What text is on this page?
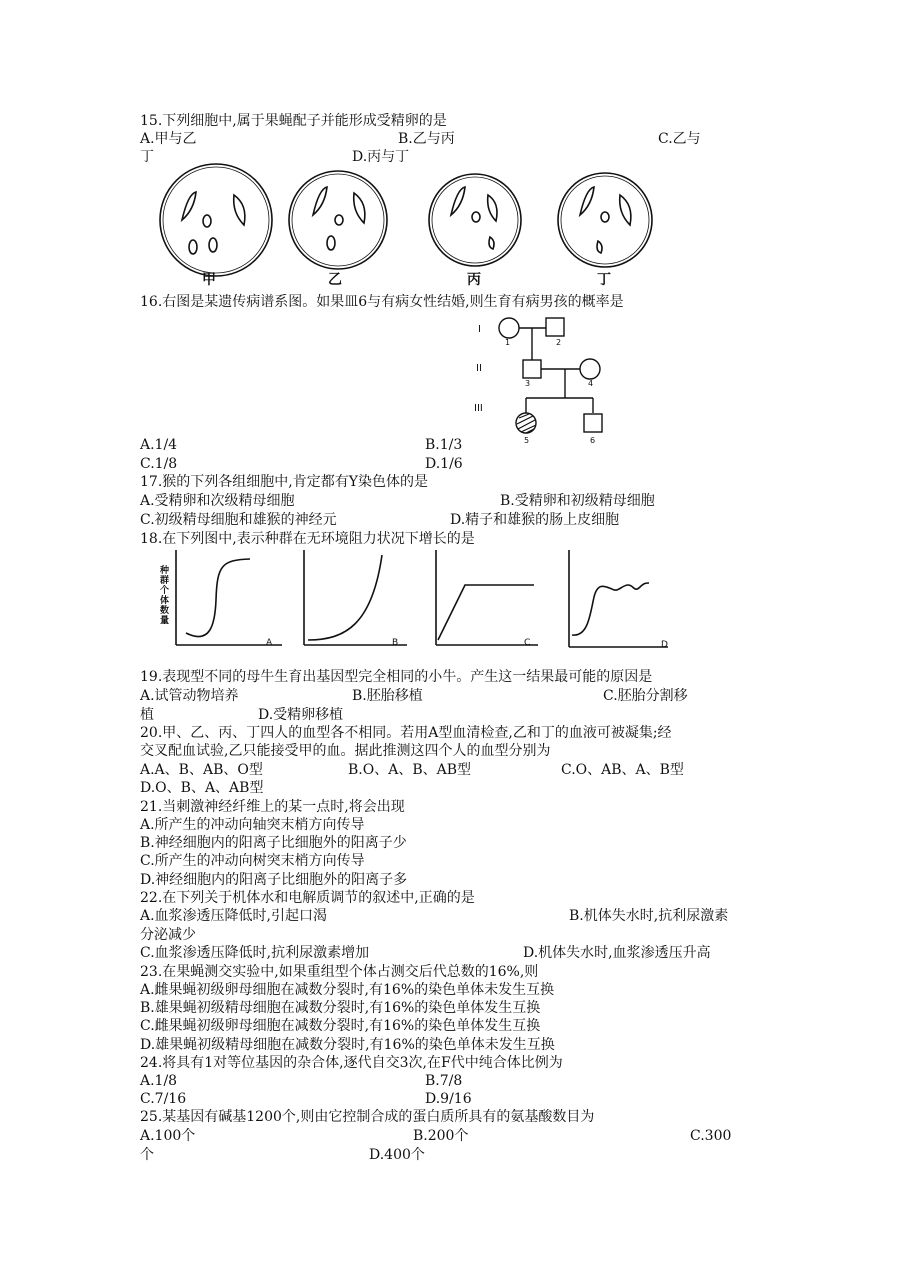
15.下列细胞中,属于果蝇配子并能形成受精卵的是
A.甲与乙	B.乙与丙	C.乙与
丁	D.丙与丁
甲	乙	丙	丁
16.右图是某遗传病谱系图。如果皿6与有病女性结婚,则生育有病男孩的概率是
I
II
III
1	2
3	4
5	6
A.1/4	B.1/3
C.1/8	D.1/6
17.猴的下列各组细胞中,肯定都有Y染色体的是
A.受精卵和次级精母细胞	B.受精卵和初级精母细胞
C.初级精母细胞和雄猴的神经元	D.精子和雄猴的肠上皮细胞
18.在下列图中,表示种群在无环境阻力状况下增长的是
种群个体数量
A	B	C	D
19.表现型不同的母牛生育出基因型完全相同的小牛。产生这一结果最可能的原因是
A.试管动物培养	B.胚胎移植	C.胚胎分割移
植	D.受精卵移植
20.甲、乙、丙、丁四人的血型各不相同。若用A型血清检查,乙和丁的血液可被凝集;经
交叉配血试验,乙只能接受甲的血。据此推测这四个人的血型分别为
A.A、B、AB、O型	B.O、A、B、AB型	C.O、AB、A、B型
D.O、B、A、AB型
21.当刺激神经纤维上的某一点时,将会出现
A.所产生的冲动向轴突末梢方向传导
B.神经细胞内的阳离子比细胞外的阳离子少
C.所产生的冲动向树突末梢方向传导
D.神经细胞内的阳离子比细胞外的阳离子多
22.在下列关于机体水和电解质调节的叙述中,正确的是
A.血浆渗透压降低时,引起口渴	B.机体失水时,抗利尿激素
分泌减少
C.血浆渗透压降低时,抗利尿激素增加	D.机体失水时,血浆渗透压升高
23.在果蝇测交实验中,如果重组型个体占测交后代总数的16%,则
A.雌果蝇初级卵母细胞在减数分裂时,有16%的染色单体未发生互换
B.雄果蝇初级精母细胞在减数分裂时,有16%的染色单体发生互换
C.雌果蝇初级卵母细胞在减数分裂时,有16%的染色单体发生互换
D.雄果蝇初级精母细胞在减数分裂时,有16%的染色单体未发生互换
24.将具有1对等位基因的杂合体,逐代自交3次,在F代中纯合体比例为
A.1/8	B.7/8
C.7/16	D.9/16
25.某基因有碱基1200个,则由它控制合成的蛋白质所具有的氨基酸数目为
A.100个	B.200个	C.300
个	D.400个
